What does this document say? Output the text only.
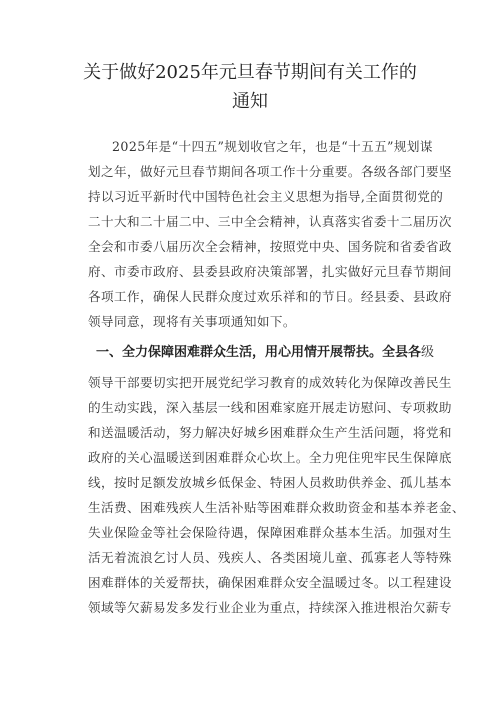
关于做好2025年元旦春节期间有关工作的
通知
2025年是“十四五”规划收官之年，也是“十五五”规划谋
划之年，做好元旦春节期间各项工作十分重要。各级各部门要坚
持以习近平新时代中国特色社会主义思想为指导,全面贯彻党的
二十大和二十届二中、三中全会精神，认真落实省委十二届历次
全会和市委八届历次全会精神，按照党中央、国务院和省委省政
府、市委市政府、县委县政府决策部署，扎实做好元旦春节期间
各项工作，确保人民群众度过欢乐祥和的节日。经县委、县政府
领导同意，现将有关事项通知如下。
一、全力保障困难群众生活，用心用情开展帮扶。全县各级
领导干部要切实把开展党纪学习教育的成效转化为保障改善民生
的生动实践，深入基层一线和困难家庭开展走访慰问、专项救助
和送温暖活动，努力解决好城乡困难群众生产生活问题，将党和
政府的关心温暖送到困难群众心坎上。全力兜住兜牢民生保障底
线，按时足额发放城乡低保金、特困人员救助供养金、孤儿基本
生活费、困难残疾人生活补贴等困难群众救助资金和基本养老金、
失业保险金等社会保险待遇，保障困难群众基本生活。加强对生
活无着流浪乞讨人员、残疾人、各类困境儿童、孤寡老人等特殊
困难群体的关爱帮扶，确保困难群众安全温暖过冬。以工程建设
领域等欠薪易发多发行业企业为重点，持续深入推进根治欠薪专
